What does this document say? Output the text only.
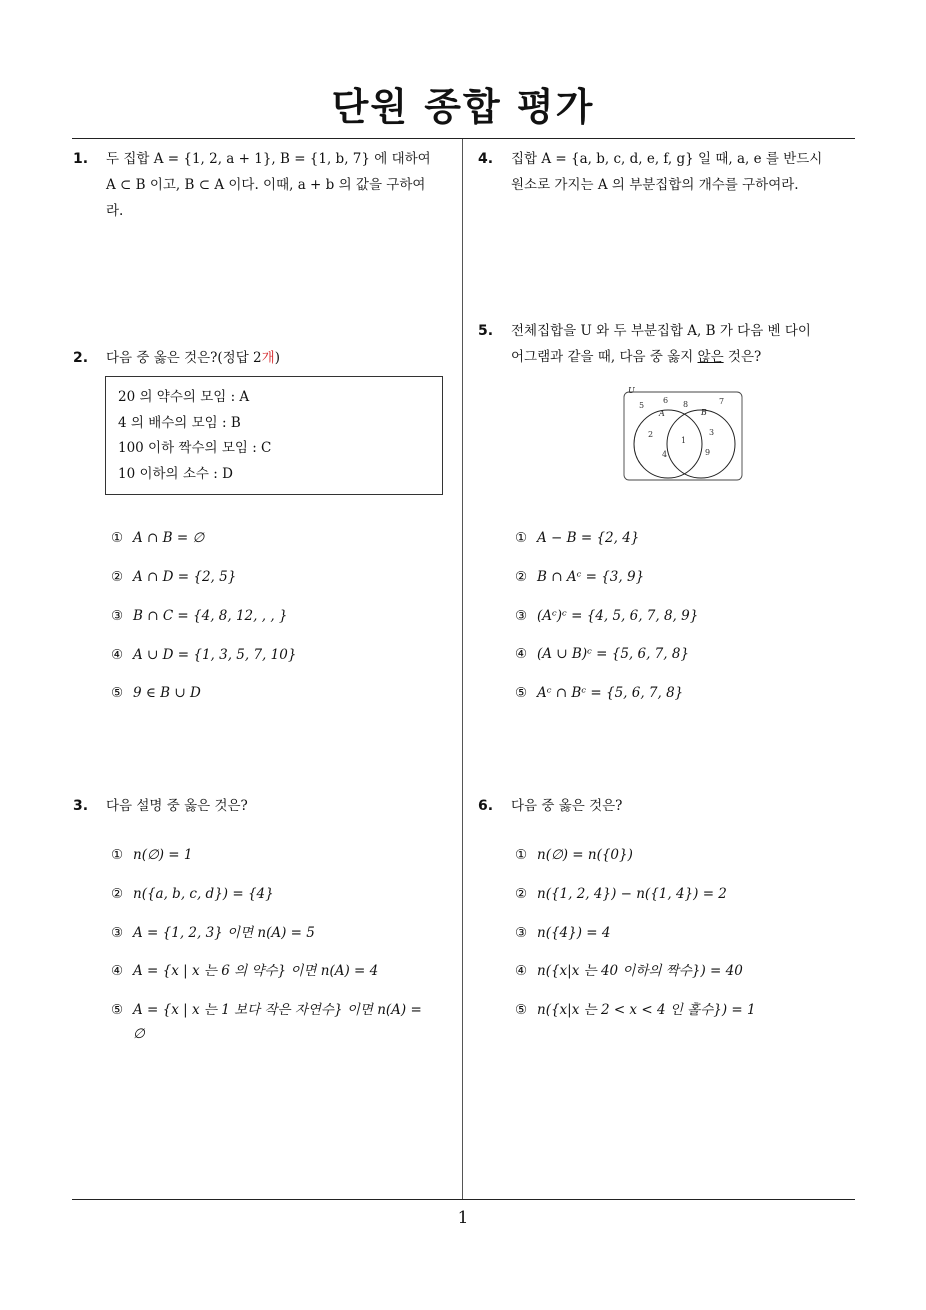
단원 종합 평가
1. 두 집합 A = {1, 2, a + 1}, B = {1, b, 7} 에 대하여
A ⊂ B 이고, B ⊂ A 이다. 이때, a + b 의 값을 구하여
라.
2. 다음 중 옳은 것은?(정답 2개)
20 의 약수의 모임 : A
4 의 배수의 모임 : B
100 이하 짝수의 모임 : C
10 이하의 소수 : D
① A ∩ B = ∅
② A ∩ D = {2, 5}
③ B ∩ C = {4, 8, 12, , , }
④ A ∪ D = {1, 3, 5, 7, 10}
⑤ 9 ∈ B ∪ D
3. 다음 설명 중 옳은 것은?
① n(∅) = 1
② n({a, b, c, d}) = {4}
③ A = {1, 2, 3} 이면 n(A) = 5
④ A = {x | x 는 6 의 약수} 이면 n(A) = 4
⑤ A = {x | x 는 1 보다 작은 자연수} 이면 n(A) =
∅
4. 집합 A = {a, b, c, d, e, f, g} 일 때, a, e 를 반드시
원소로 가지는 A 의 부분집합의 개수를 구하여라.
5. 전체집합을 U 와 두 부분집합 A, B 가 다음 벤 다이
어그램과 같을 때, 다음 중 옳지 않은 것은?
U
A	B
5
6 8	7
2
4
1
3
9
① A − B = {2, 4}
② B ∩ Aᶜ = {3, 9}
③ (Aᶜ)ᶜ = {4, 5, 6, 7, 8, 9}
④ (A ∪ B)ᶜ = {5, 6, 7, 8}
⑤ Aᶜ ∩ Bᶜ = {5, 6, 7, 8}
6. 다음 중 옳은 것은?
① n(∅) = n({0})
② n({1, 2, 4}) − n({1, 4}) = 2
③ n({4}) = 4
④ n({x|x 는 40 이하의 짝수}) = 40
⑤ n({x|x 는 2 < x < 4 인 홀수}) = 1
1
